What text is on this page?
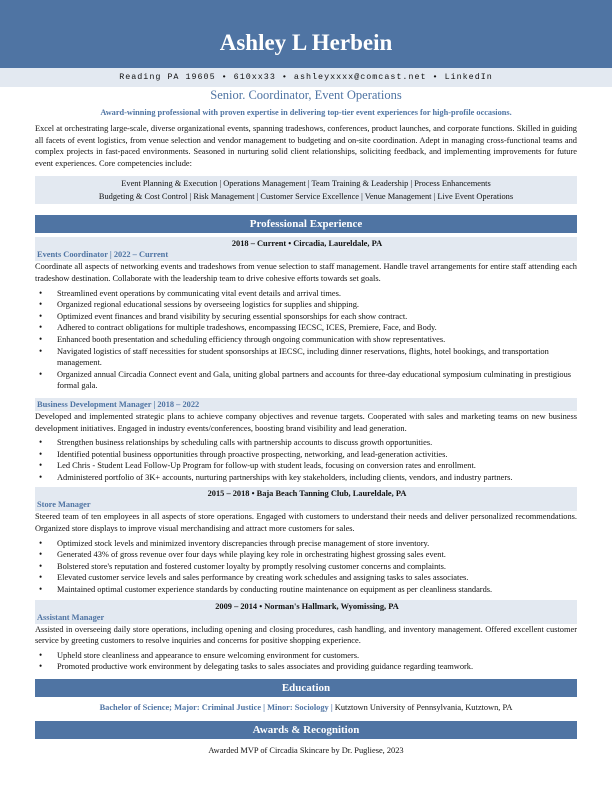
Ashley L Herbein
Reading PA 19605 • 610xx33 • ashleyxxxx@comcast.net • LinkedIn
Senior. Coordinator, Event Operations
Award-winning professional with proven expertise in delivering top-tier event experiences for high-profile occasions.

Excel at orchestrating large-scale, diverse organizational events, spanning tradeshows, conferences, product launches, and corporate functions. Skilled in guiding all facets of event logistics, from venue selection and vendor management to budgeting and on-site coordination. Adept in managing cross-functional teams and complex projects in fast-paced environments. Seasoned in nurturing solid client relationships, soliciting feedback, and implementing improvements for future event experiences. Core competencies include:

Event Planning & Execution | Operations Management | Team Training & Leadership | Process Enhancements
Budgeting & Cost Control | Risk Management | Customer Service Excellence | Venue Management | Live Event Operations
Professional Experience
2018 – Current • Circadia, Laureldale, PA
Events Coordinator | 2022 – Current

Coordinate all aspects of networking events and tradeshows from venue selection to staff management. Handle travel arrangements for entire staff attending each tradeshow destination. Collaborate with the leadership team to drive cohesive efforts towards set goals.

• Streamlined event operations by communicating vital event details and arrival times.
• Organized regional educational sessions by overseeing logistics for supplies and shipping.
• Optimized event finances and brand visibility by securing essential sponsorships for each show contract.
• Adhered to contract obligations for multiple tradeshows, encompassing IECSC, ICES, Premiere, Face, and Body.
• Enhanced booth presentation and scheduling efficiency through ongoing communication with show representatives.
• Navigated logistics of staff necessities for student sponsorships at IECSC, including dinner reservations, flights, hotel bookings, and transportation management.
• Organized annual Circadia Connect event and Gala, uniting global partners and accounts for three-day educational symposium culminating in prestigious formal gala.
Business Development Manager | 2018 – 2022

Developed and implemented strategic plans to achieve company objectives and revenue targets. Cooperated with sales and marketing teams on new business development initiatives. Engaged in industry events/conferences, boosting brand visibility and lead generation.

• Strengthen business relationships by scheduling calls with partnership accounts to discuss growth opportunities.
• Identified potential business opportunities through proactive prospecting, networking, and lead-generation activities.
• Led Chris - Student Lead Follow-Up Program for follow-up with student leads, focusing on conversion rates and enrollment.
• Administered portfolio of 3K+ accounts, nurturing partnerships with key stakeholders, including clients, vendors, and industry partners.
2015 – 2018 • Baja Beach Tanning Club, Laureldale, PA
Store Manager

Steered team of ten employees in all aspects of store operations. Engaged with customers to understand their needs and deliver personalized recommendations. Organized store displays to improve visual merchandising and attract more customers for sales.

• Optimized stock levels and minimized inventory discrepancies through precise management of store inventory.
• Generated 43% of gross revenue over four days while playing key role in orchestrating highest grossing sales event.
• Bolstered store's reputation and fostered customer loyalty by promptly resolving customer concerns and complaints.
• Elevated customer service levels and sales performance by creating work schedules and assigning tasks to sales associates.
• Maintained optimal customer experience standards by conducting routine maintenance on equipment as per cleanliness standards.
2009 – 2014 • Norman's Hallmark, Wyomissing, PA
Assistant Manager

Assisted in overseeing daily store operations, including opening and closing procedures, cash handling, and inventory management. Offered excellent customer service by greeting customers to resolve inquiries and concerns for positive shopping experience.

• Upheld store cleanliness and appearance to ensure welcoming environment for customers.
• Promoted productive work environment by delegating tasks to sales associates and providing guidance regarding teamwork.
Education
Bachelor of Science; Major: Criminal Justice | Minor: Sociology | Kutztown University of Pennsylvania, Kutztown, PA
Awards & Recognition
Awarded MVP of Circadia Skincare by Dr. Pugliese, 2023
